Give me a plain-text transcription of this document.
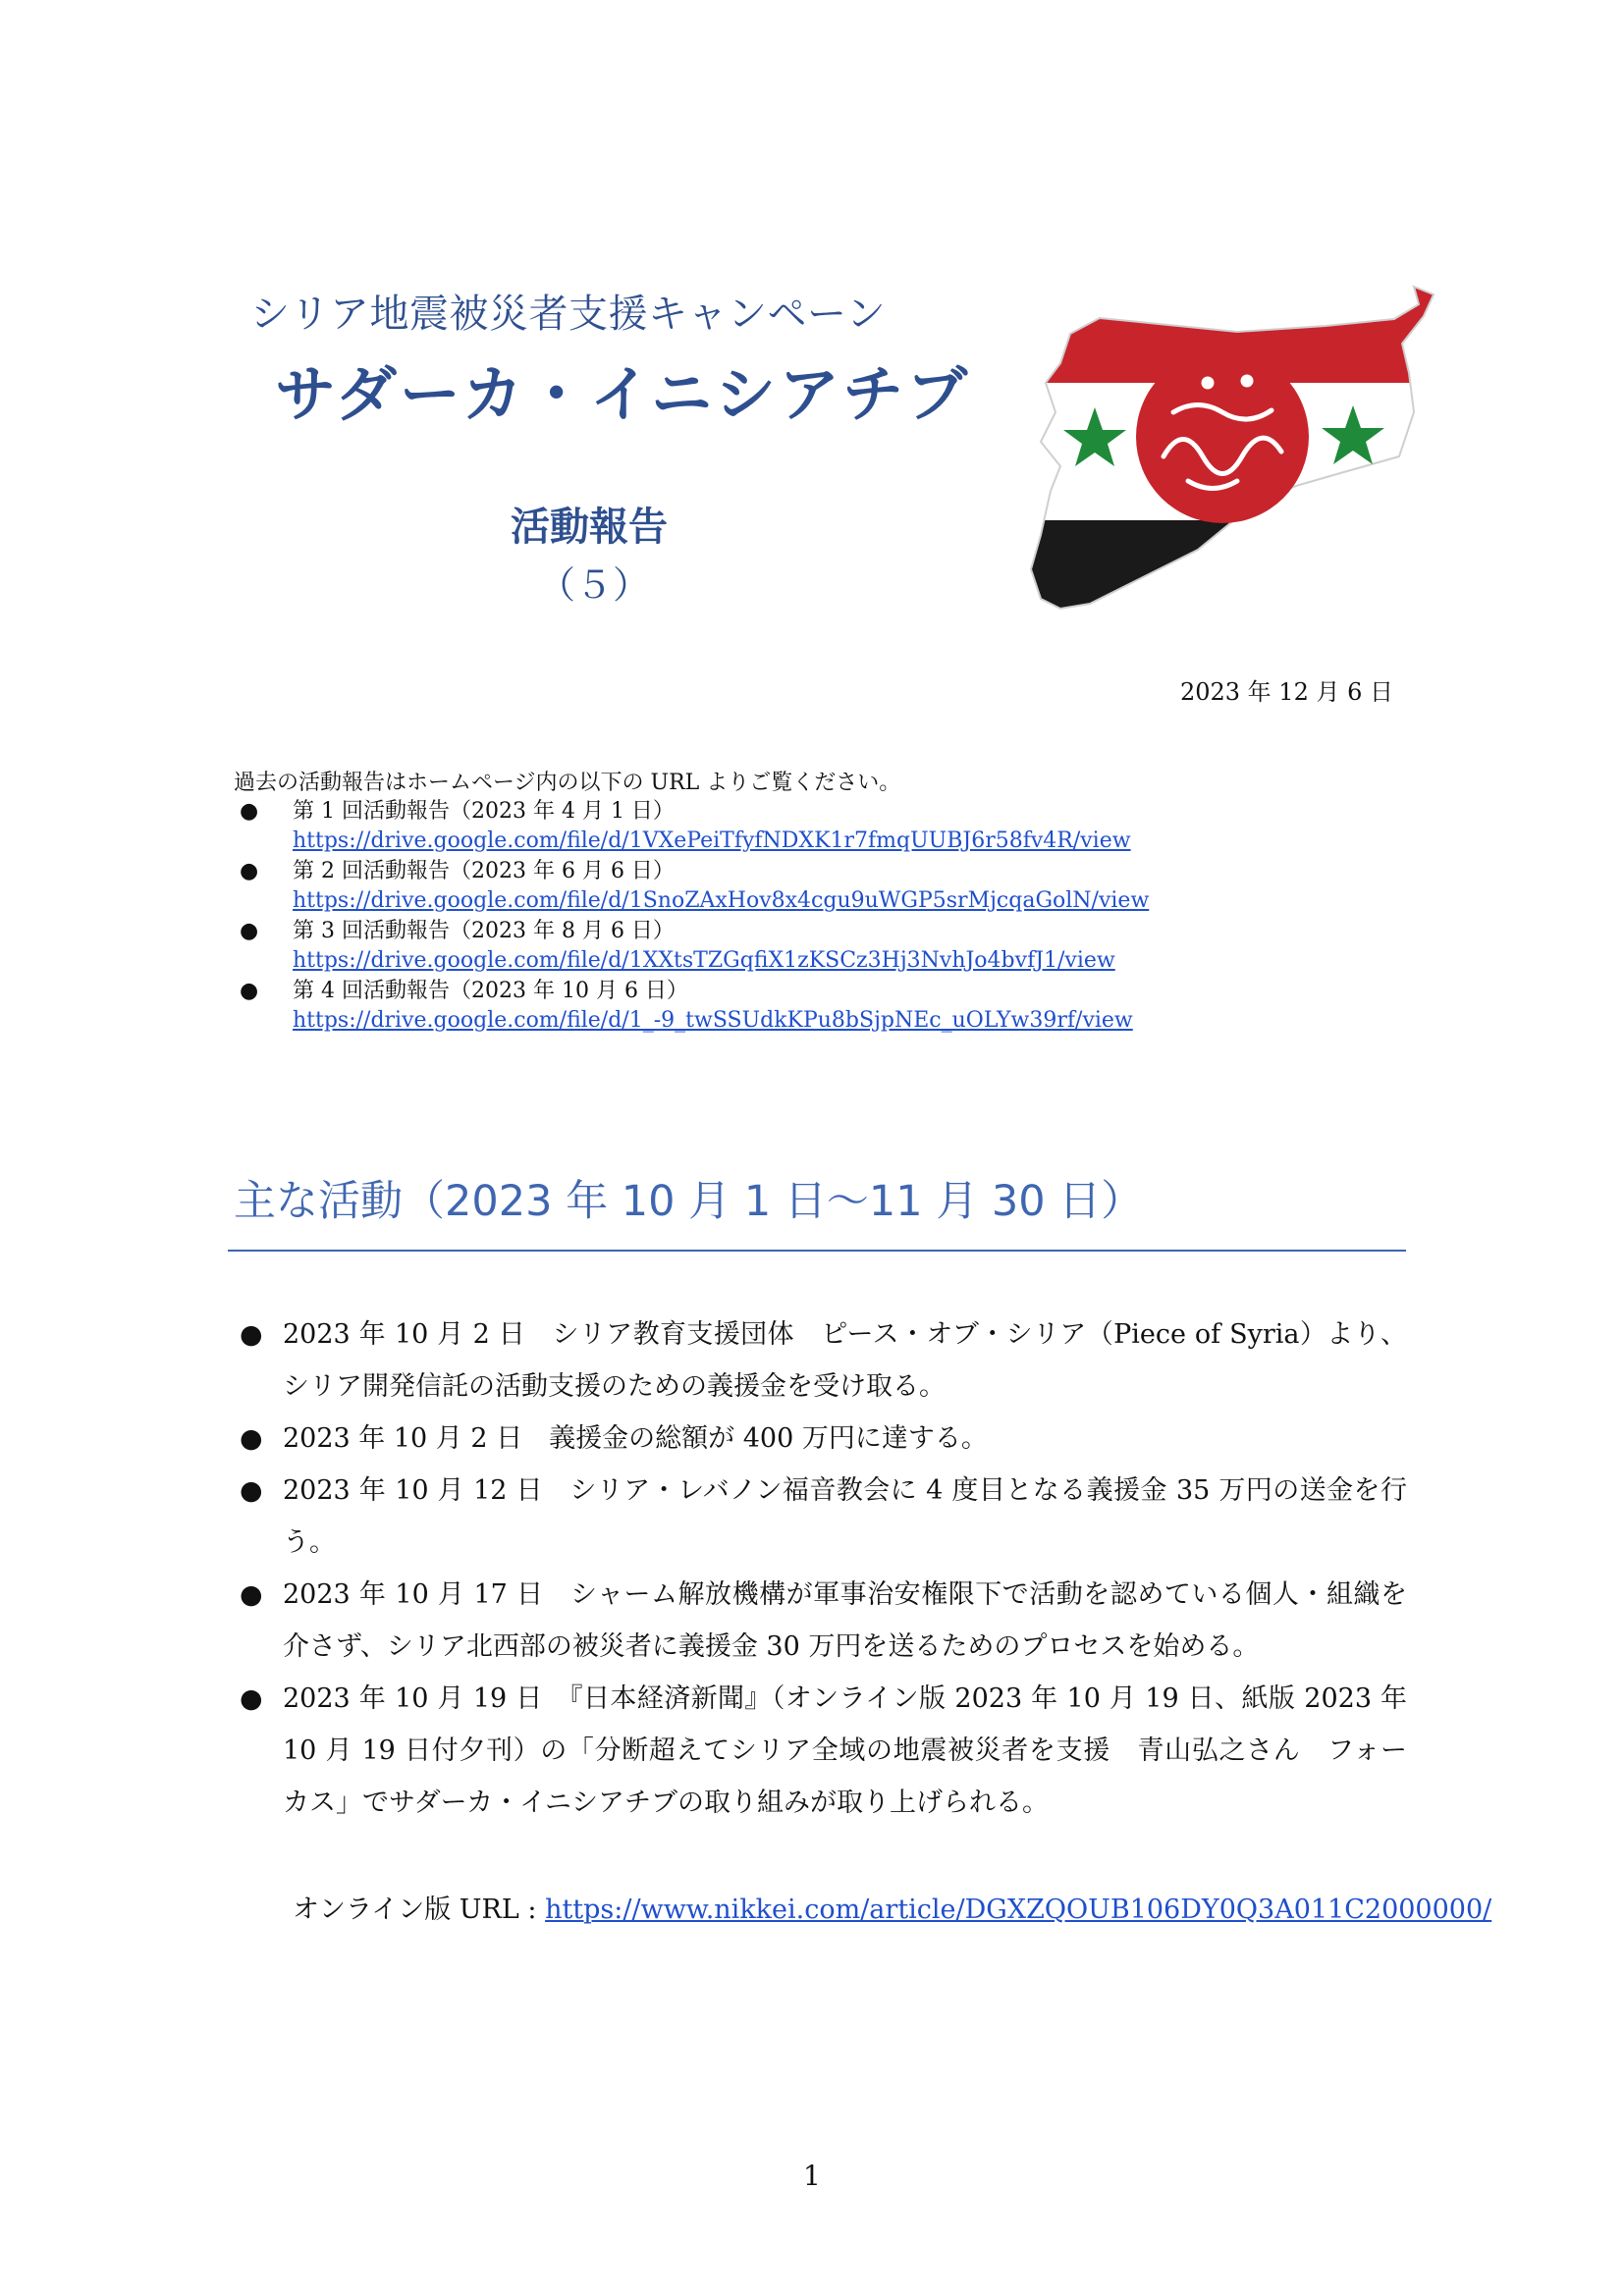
シリア地震被災者支援キャンペーン
サダーカ・イニシアチブ
活動報告
（５）
2023 年 12 月 6 日
過去の活動報告はホームページ内の以下の URL よりご覧ください。
● 第 1 回活動報告（2023 年 4 月 1 日）
https://drive.google.com/file/d/1VXePeiTfyfNDXK1r7fmqUUBJ6r58fv4R/view
● 第 2 回活動報告（2023 年 6 月 6 日）
https://drive.google.com/file/d/1SnoZAxHov8x4cgu9uWGP5srMjcqaGolN/view
● 第 3 回活動報告（2023 年 8 月 6 日）
https://drive.google.com/file/d/1XXtsTZGqfiX1zKSCz3Hj3NvhJo4bvfJ1/view
● 第 4 回活動報告（2023 年 10 月 6 日）
https://drive.google.com/file/d/1_-9_twSSUdkKPu8bSjpNEc_uOLYw39rf/view
主な活動（2023 年 10 月 1 日～11 月 30 日）
● 2023 年 10 月 2 日　シリア教育支援団体　ピース・オブ・シリア（Piece of Syria）より、シリア開発信託の活動支援のための義援金を受け取る。
● 2023 年 10 月 2 日　義援金の総額が 400 万円に達する。
● 2023 年 10 月 12 日　シリア・レバノン福音教会に 4 度目となる義援金 35 万円の送金を行う。
● 2023 年 10 月 17 日　シャーム解放機構が軍事治安権限下で活動を認めている個人・組織を介さず、シリア北西部の被災者に義援金 30 万円を送るためのプロセスを始める。
● 2023 年 10 月 19 日　『日本経済新聞』（オンライン版 2023 年 10 月 19 日、紙版 2023 年 10 月 19 日付夕刊）の「分断超えてシリア全域の地震被災者を支援　青山弘之さん　フォーカス」でサダーカ・イニシアチブの取り組みが取り上げられる。
オンライン版 URL : https://www.nikkei.com/article/DGXZQOUB106DY0Q3A011C2000000/
1
